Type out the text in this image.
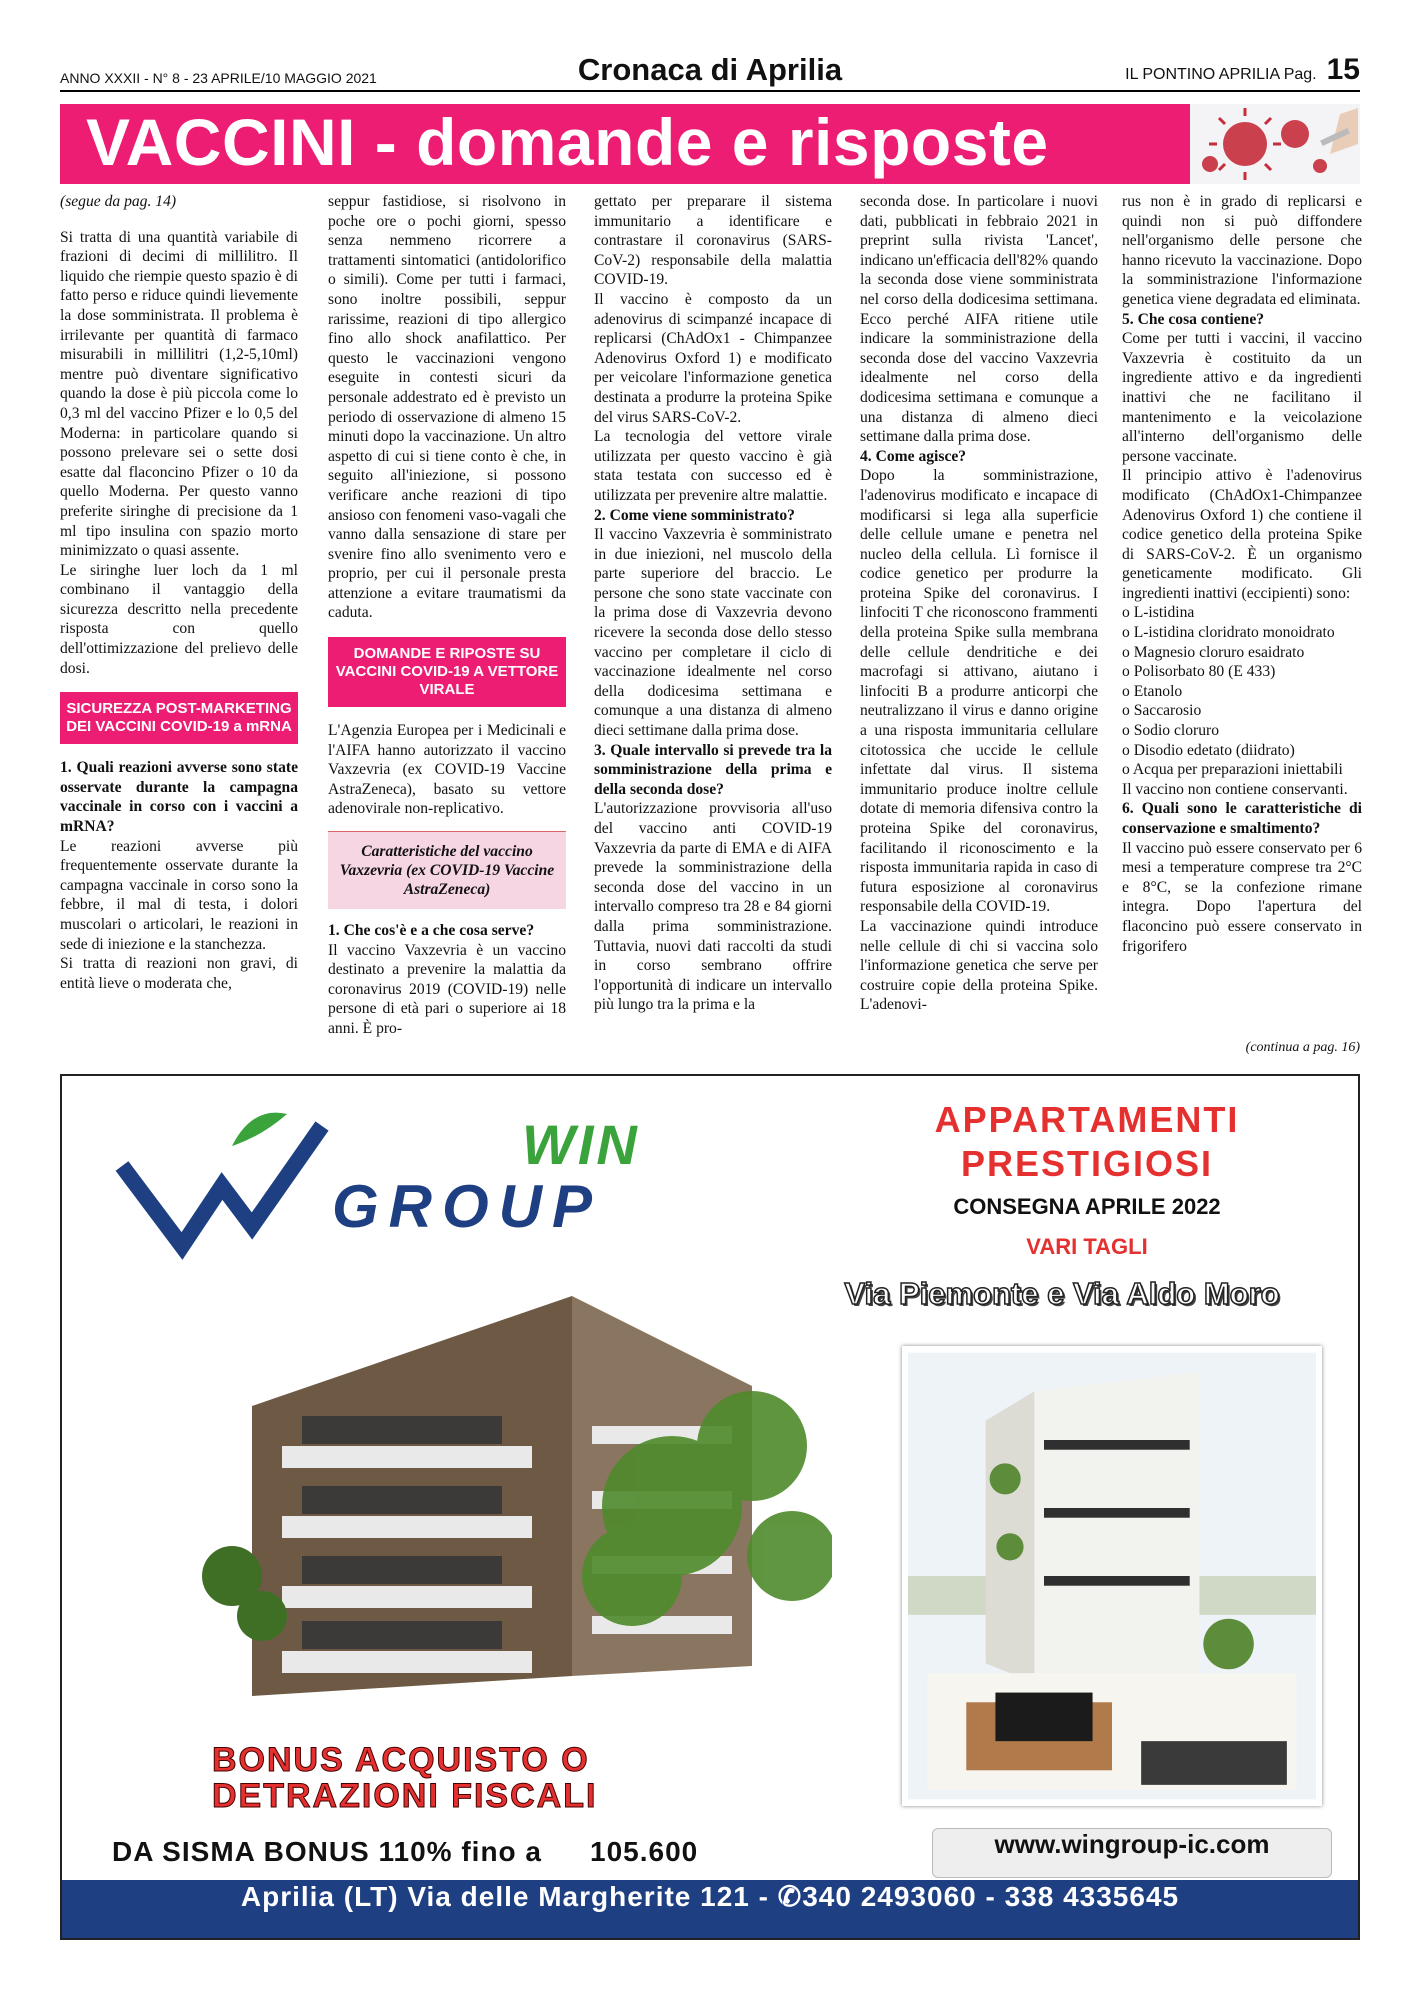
ANNO XXXII - N° 8 - 23 APRILE/10 MAGGIO 2021	Cronaca di Aprilia	IL PONTINO APRILIA Pag. 15
VACCINI - domande e risposte

(segue da pag. 14)

Si tratta di una quantità variabile di frazioni di decimi di millilitro. Il liquido che riempie questo spazio è di fatto perso e riduce quindi lievemente la dose somministrata. Il problema è irrilevante per quantità di farmaco misurabili in millilitri (1,2-5,10ml) mentre può diventare significativo quando la dose è più piccola come lo 0,3 ml del vaccino Pfizer e lo 0,5 del Moderna: in particolare quando si possono prelevare sei o sette dosi esatte dal flaconcino Pfizer o 10 da quello Moderna. Per questo vanno preferite siringhe di precisione da 1 ml tipo insulina con spazio morto minimizzato o quasi assente.

Le siringhe luer loch da 1 ml combinano il vantaggio della sicurezza descritto nella precedente risposta con quello dell'ottimizzazione del prelievo delle dosi.

SICUREZZA POST-MARKETING DEI VACCINI COVID-19 a mRNA

1. Quali reazioni avverse sono state osservate durante la campagna vaccinale in corso con i vaccini a mRNA?

Le reazioni avverse più frequentemente osservate durante la campagna vaccinale in corso sono la febbre, il mal di testa, i dolori muscolari o articolari, le reazioni in sede di iniezione e la stanchezza.

Si tratta di reazioni non gravi, di entità lieve o moderata che,

seppur fastidiose, si risolvono in poche ore o pochi giorni, spesso senza nemmeno ricorrere a trattamenti sintomatici (antidolorifico o simili). Come per tutti i farmaci, sono inoltre possibili, seppur rarissime, reazioni di tipo allergico fino allo shock anafilattico. Per questo le vaccinazioni vengono eseguite in contesti sicuri da personale addestrato ed è previsto un periodo di osservazione di almeno 15 minuti dopo la vaccinazione. Un altro aspetto di cui si tiene conto è che, in seguito all'iniezione, si possono verificare anche reazioni di tipo ansioso con fenomeni vaso-vagali che vanno dalla sensazione di stare per svenire fino allo svenimento vero e proprio, per cui il personale presta attenzione a evitare traumatismi da caduta.

DOMANDE E RIPOSTE SU VACCINI COVID-19 A VETTORE VIRALE

L'Agenzia Europea per i Medicinali e l'AIFA hanno autorizzato il vaccino Vaxzevria (ex COVID-19 Vaccine AstraZeneca), basato su vettore adenovirale non-replicativo.

Caratteristiche del vaccino Vaxzevria (ex COVID-19 Vaccine AstraZeneca)

1. Che cos'è e a che cosa serve?

Il vaccino Vaxzevria è un vaccino destinato a prevenire la malattia da coronavirus 2019 (COVID-19) nelle persone di età pari o superiore ai 18 anni. È pro-

gettato per preparare il sistema immunitario a identificare e contrastare il coronavirus (SARS-CoV-2) responsabile della malattia COVID-19.

Il vaccino è composto da un adenovirus di scimpanzé incapace di replicarsi (ChAdOx1 - Chimpanzee Adenovirus Oxford 1) e modificato per veicolare l'informazione genetica destinata a produrre la proteina Spike del virus SARS-CoV-2.

La tecnologia del vettore virale utilizzata per questo vaccino è già stata testata con successo ed è utilizzata per prevenire altre malattie.

2. Come viene somministrato?

Il vaccino Vaxzevria è somministrato in due iniezioni, nel muscolo della parte superiore del braccio. Le persone che sono state vaccinate con la prima dose di Vaxzevria devono ricevere la seconda dose dello stesso vaccino per completare il ciclo di vaccinazione idealmente nel corso della dodicesima settimana e comunque a una distanza di almeno dieci settimane dalla prima dose.

3. Quale intervallo si prevede tra la somministrazione della prima e della seconda dose?

L'autorizzazione provvisoria all'uso del vaccino anti COVID-19 Vaxzevria da parte di EMA e di AIFA prevede la somministrazione della seconda dose del vaccino in un intervallo compreso tra 28 e 84 giorni dalla prima somministrazione. Tuttavia, nuovi dati raccolti da studi in corso sembrano offrire l'opportunità di indicare un intervallo più lungo tra la prima e la

seconda dose. In particolare i nuovi dati, pubblicati in febbraio 2021 in preprint sulla rivista 'Lancet', indicano un'efficacia dell'82% quando la seconda dose viene somministrata nel corso della dodicesima settimana. Ecco perché AIFA ritiene utile indicare la somministrazione della seconda dose del vaccino Vaxzevria idealmente nel corso della dodicesima settimana e comunque a una distanza di almeno dieci settimane dalla prima dose.

4. Come agisce?

Dopo la somministrazione, l'adenovirus modificato e incapace di modificarsi si lega alla superficie delle cellule umane e penetra nel nucleo della cellula. Lì fornisce il codice genetico per produrre la proteina Spike del coronavirus. I linfociti T che riconoscono frammenti della proteina Spike sulla membrana delle cellule dendritiche e dei macrofagi si attivano, aiutano i linfociti B a produrre anticorpi che neutralizzano il virus e danno origine a una risposta immunitaria cellulare citotossica che uccide le cellule infettate dal virus. Il sistema immunitario produce inoltre cellule dotate di memoria difensiva contro la proteina Spike del coronavirus, facilitando il riconoscimento e la risposta immunitaria rapida in caso di futura esposizione al coronavirus responsabile della COVID-19.

La vaccinazione quindi introduce nelle cellule di chi si vaccina solo l'informazione genetica che serve per costruire copie della proteina Spike. L'adenovi-

rus non è in grado di replicarsi e quindi non si può diffondere nell'organismo delle persone che hanno ricevuto la vaccinazione. Dopo la somministrazione l'informazione genetica viene degradata ed eliminata.

5. Che cosa contiene?

Come per tutti i vaccini, il vaccino Vaxzevria è costituito da un ingrediente attivo e da ingredienti inattivi che ne facilitano il mantenimento e la veicolazione all'interno dell'organismo delle persone vaccinate.

Il principio attivo è l'adenovirus modificato (ChAdOx1-Chimpanzee Adenovirus Oxford 1) che contiene il codice genetico della proteina Spike di SARS-CoV-2. È un organismo geneticamente modificato. Gli ingredienti inattivi (eccipienti) sono:

o L-istidina

o L-istidina cloridrato monoidrato

o Magnesio cloruro esaidrato

o Polisorbato 80 (E 433)

o Etanolo

o Saccarosio

o Sodio cloruro

o Disodio edetato (diidrato)

o Acqua per preparazioni iniettabili

Il vaccino non contiene conservanti.

6. Quali sono le caratteristiche di conservazione e smaltimento?

Il vaccino può essere conservato per 6 mesi a temperature comprese tra 2°C e 8°C, se la confezione rimane integra. Dopo l'apertura del flaconcino può essere conservato in frigorifero

(continua a pag. 16)
WIN
GROUP
APPARTAMENTI PRESTIGIOSI
CONSEGNA APRILE 2022
VARI TAGLI
Via Piemonte e Via Aldo Moro
BONUS ACQUISTO O
DETRAZIONI FISCALI
DA SISMA BONUS 110% fino a 105.600	www.wingroup-ic.com
Aprilia (LT) Via delle Margherite 121 - ✆340 2493060 - 338 4335645
